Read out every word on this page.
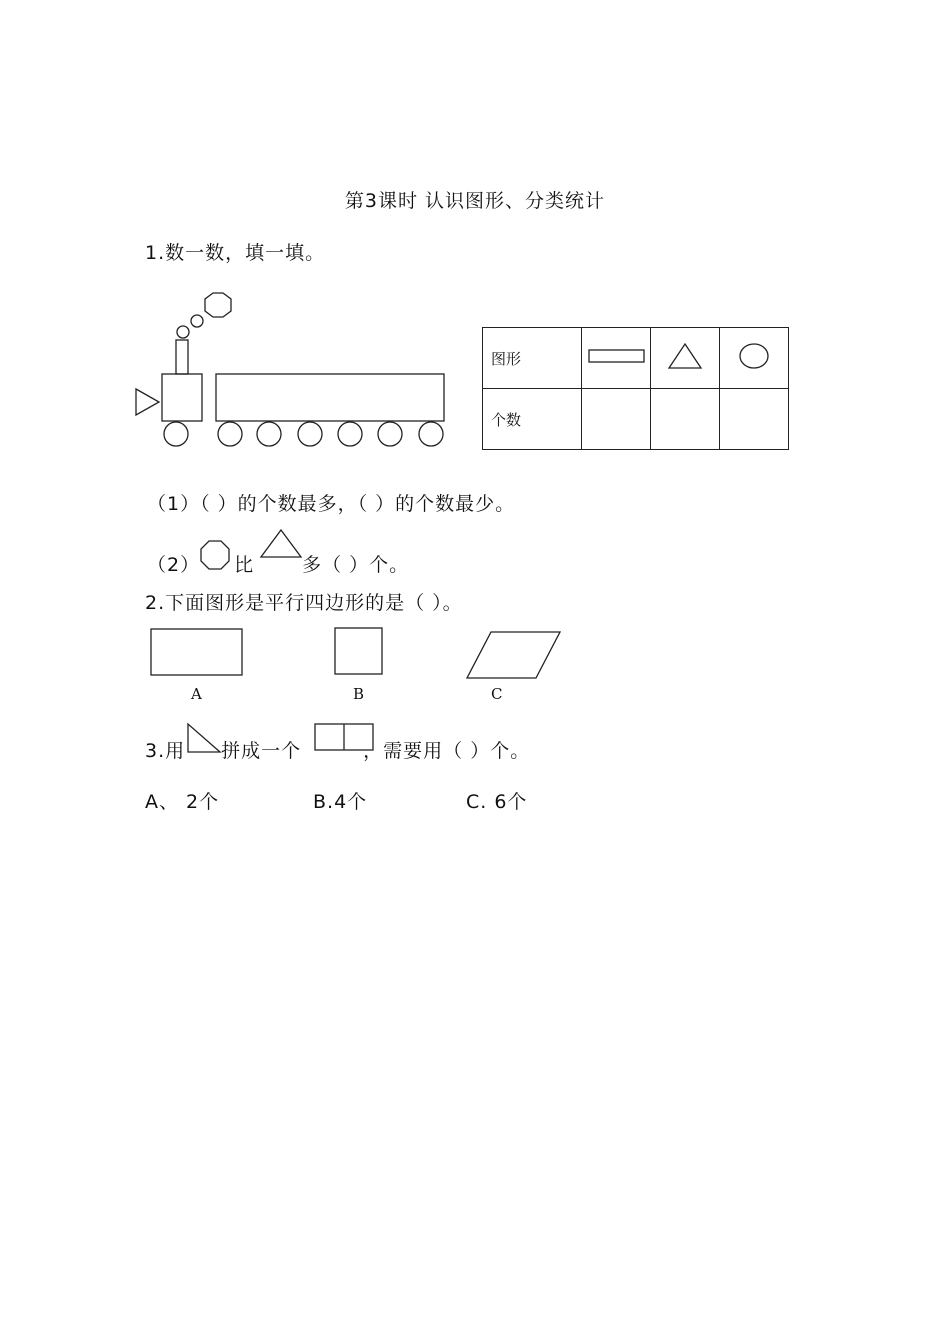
第3课时 认识图形、分类统计
1.数一数，填一填。
图形			
个数			
（1）（ ）的个数最多，（ ）的个数最少。
（2） 比	多（ ）个。
2.下面图形是平行四边形的是（ ）。
A	B	C
3.用 拼成一个	，需要用（ ）个。
A、 2个	B.4个	C. 6个
